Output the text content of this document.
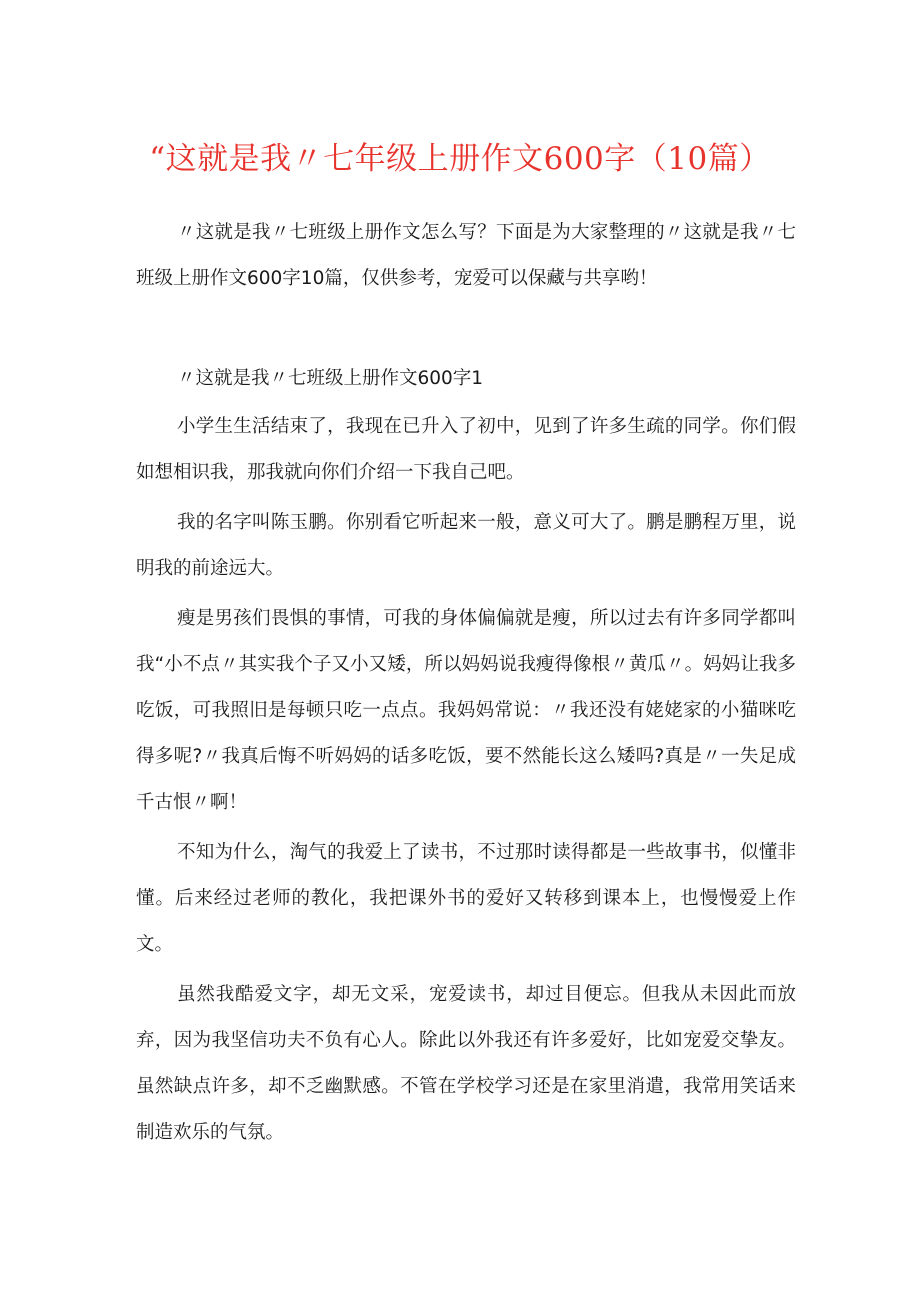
“这就是我〃七年级上册作文600字（10篇）

〃这就是我〃七班级上册作文怎么写？下面是为大家整理的〃这就是我〃七班级上册作文600字10篇，仅供参考，宠爱可以保藏与共享哟！

〃这就是我〃七班级上册作文600字1

小学生生活结束了，我现在已升入了初中，见到了许多生疏的同学。你们假如想相识我，那我就向你们介绍一下我自己吧。

我的名字叫陈玉鹏。你别看它听起来一般，意义可大了。鹏是鹏程万里，说明我的前途远大。

瘦是男孩们畏惧的事情，可我的身体偏偏就是瘦，所以过去有许多同学都叫我“小不点〃其实我个子又小又矮，所以妈妈说我瘦得像根〃黄瓜〃。妈妈让我多吃饭，可我照旧是每顿只吃一点点。我妈妈常说：〃我还没有姥姥家的小猫咪吃得多呢?〃我真后悔不听妈妈的话多吃饭，要不然能长这么矮吗?真是〃一失足成千古恨〃啊！

不知为什么，淘气的我爱上了读书，不过那时读得都是一些故事书，似懂非懂。后来经过老师的教化，我把课外书的爱好又转移到课本上，也慢慢爱上作文。

虽然我酷爱文字，却无文采，宠爱读书，却过目便忘。但我从未因此而放弃，因为我坚信功夫不负有心人。除此以外我还有许多爱好，比如宠爱交挚友。虽然缺点许多，却不乏幽默感。不管在学校学习还是在家里消遣，我常用笑话来制造欢乐的气氛。
